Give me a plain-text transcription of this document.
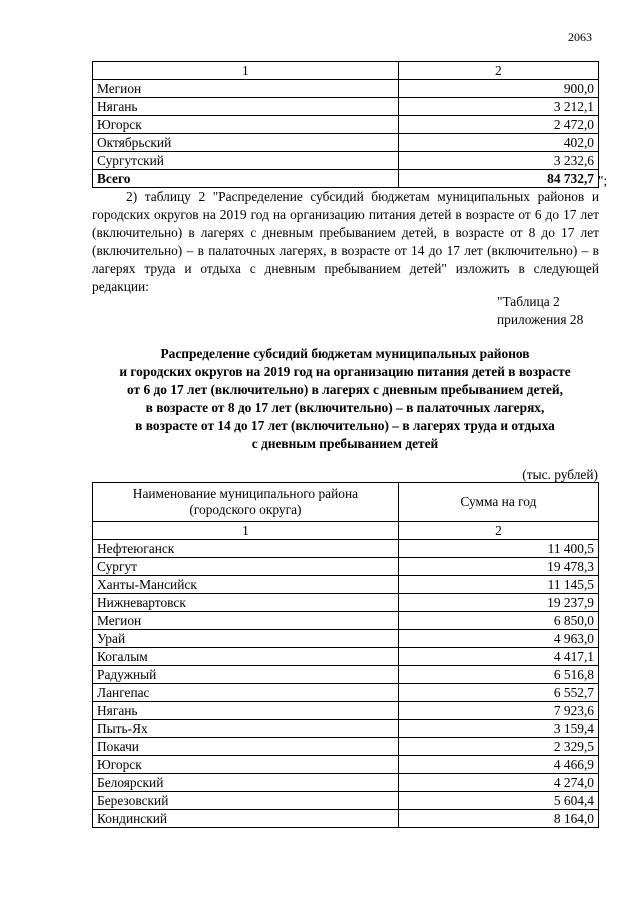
2063
1	2
Мегион	900,0
Нягань	3 212,1
Югорск	2 472,0
Октябрьский	402,0
Сургутский	3 232,6
Всего	84 732,7 ";

2) таблицу 2 "Распределение субсидий бюджетам муниципальных районов и городских округов на 2019 год на организацию питания детей в возрасте от 6 до 17 лет (включительно) в лагерях с дневным пребыванием детей, в возрасте от 8 до 17 лет (включительно) – в палаточных лагерях, в возрасте от 14 до 17 лет (включительно) – в лагерях труда и отдыха с дневным пребыванием детей" изложить в следующей редакции:

"Таблица 2
приложения 28
Распределение субсидий бюджетам муниципальных районов
и городских округов на 2019 год на организацию питания детей в возрасте
от 6 до 17 лет (включительно) в лагерях с дневным пребыванием детей,
в возрасте от 8 до 17 лет (включительно) – в палаточных лагерях,
в возрасте от 14 до 17 лет (включительно) – в лагерях труда и отдыха
с дневным пребыванием детей
(тыс. рублей)
Наименование муниципального района
(городского округа)	Сумма на год
1	2
Нефтеюганск	11 400,5
Сургут	19 478,3
Ханты-Мансийск	11 145,5
Нижневартовск	19 237,9
Мегион	6 850,0
Урай	4 963,0
Когалым	4 417,1
Радужный	6 516,8
Лангепас	6 552,7
Нягань	7 923,6
Пыть-Ях	3 159,4
Покачи	2 329,5
Югорск	4 466,9
Белоярский	4 274,0
Березовский	5 604,4
Кондинский	8 164,0
